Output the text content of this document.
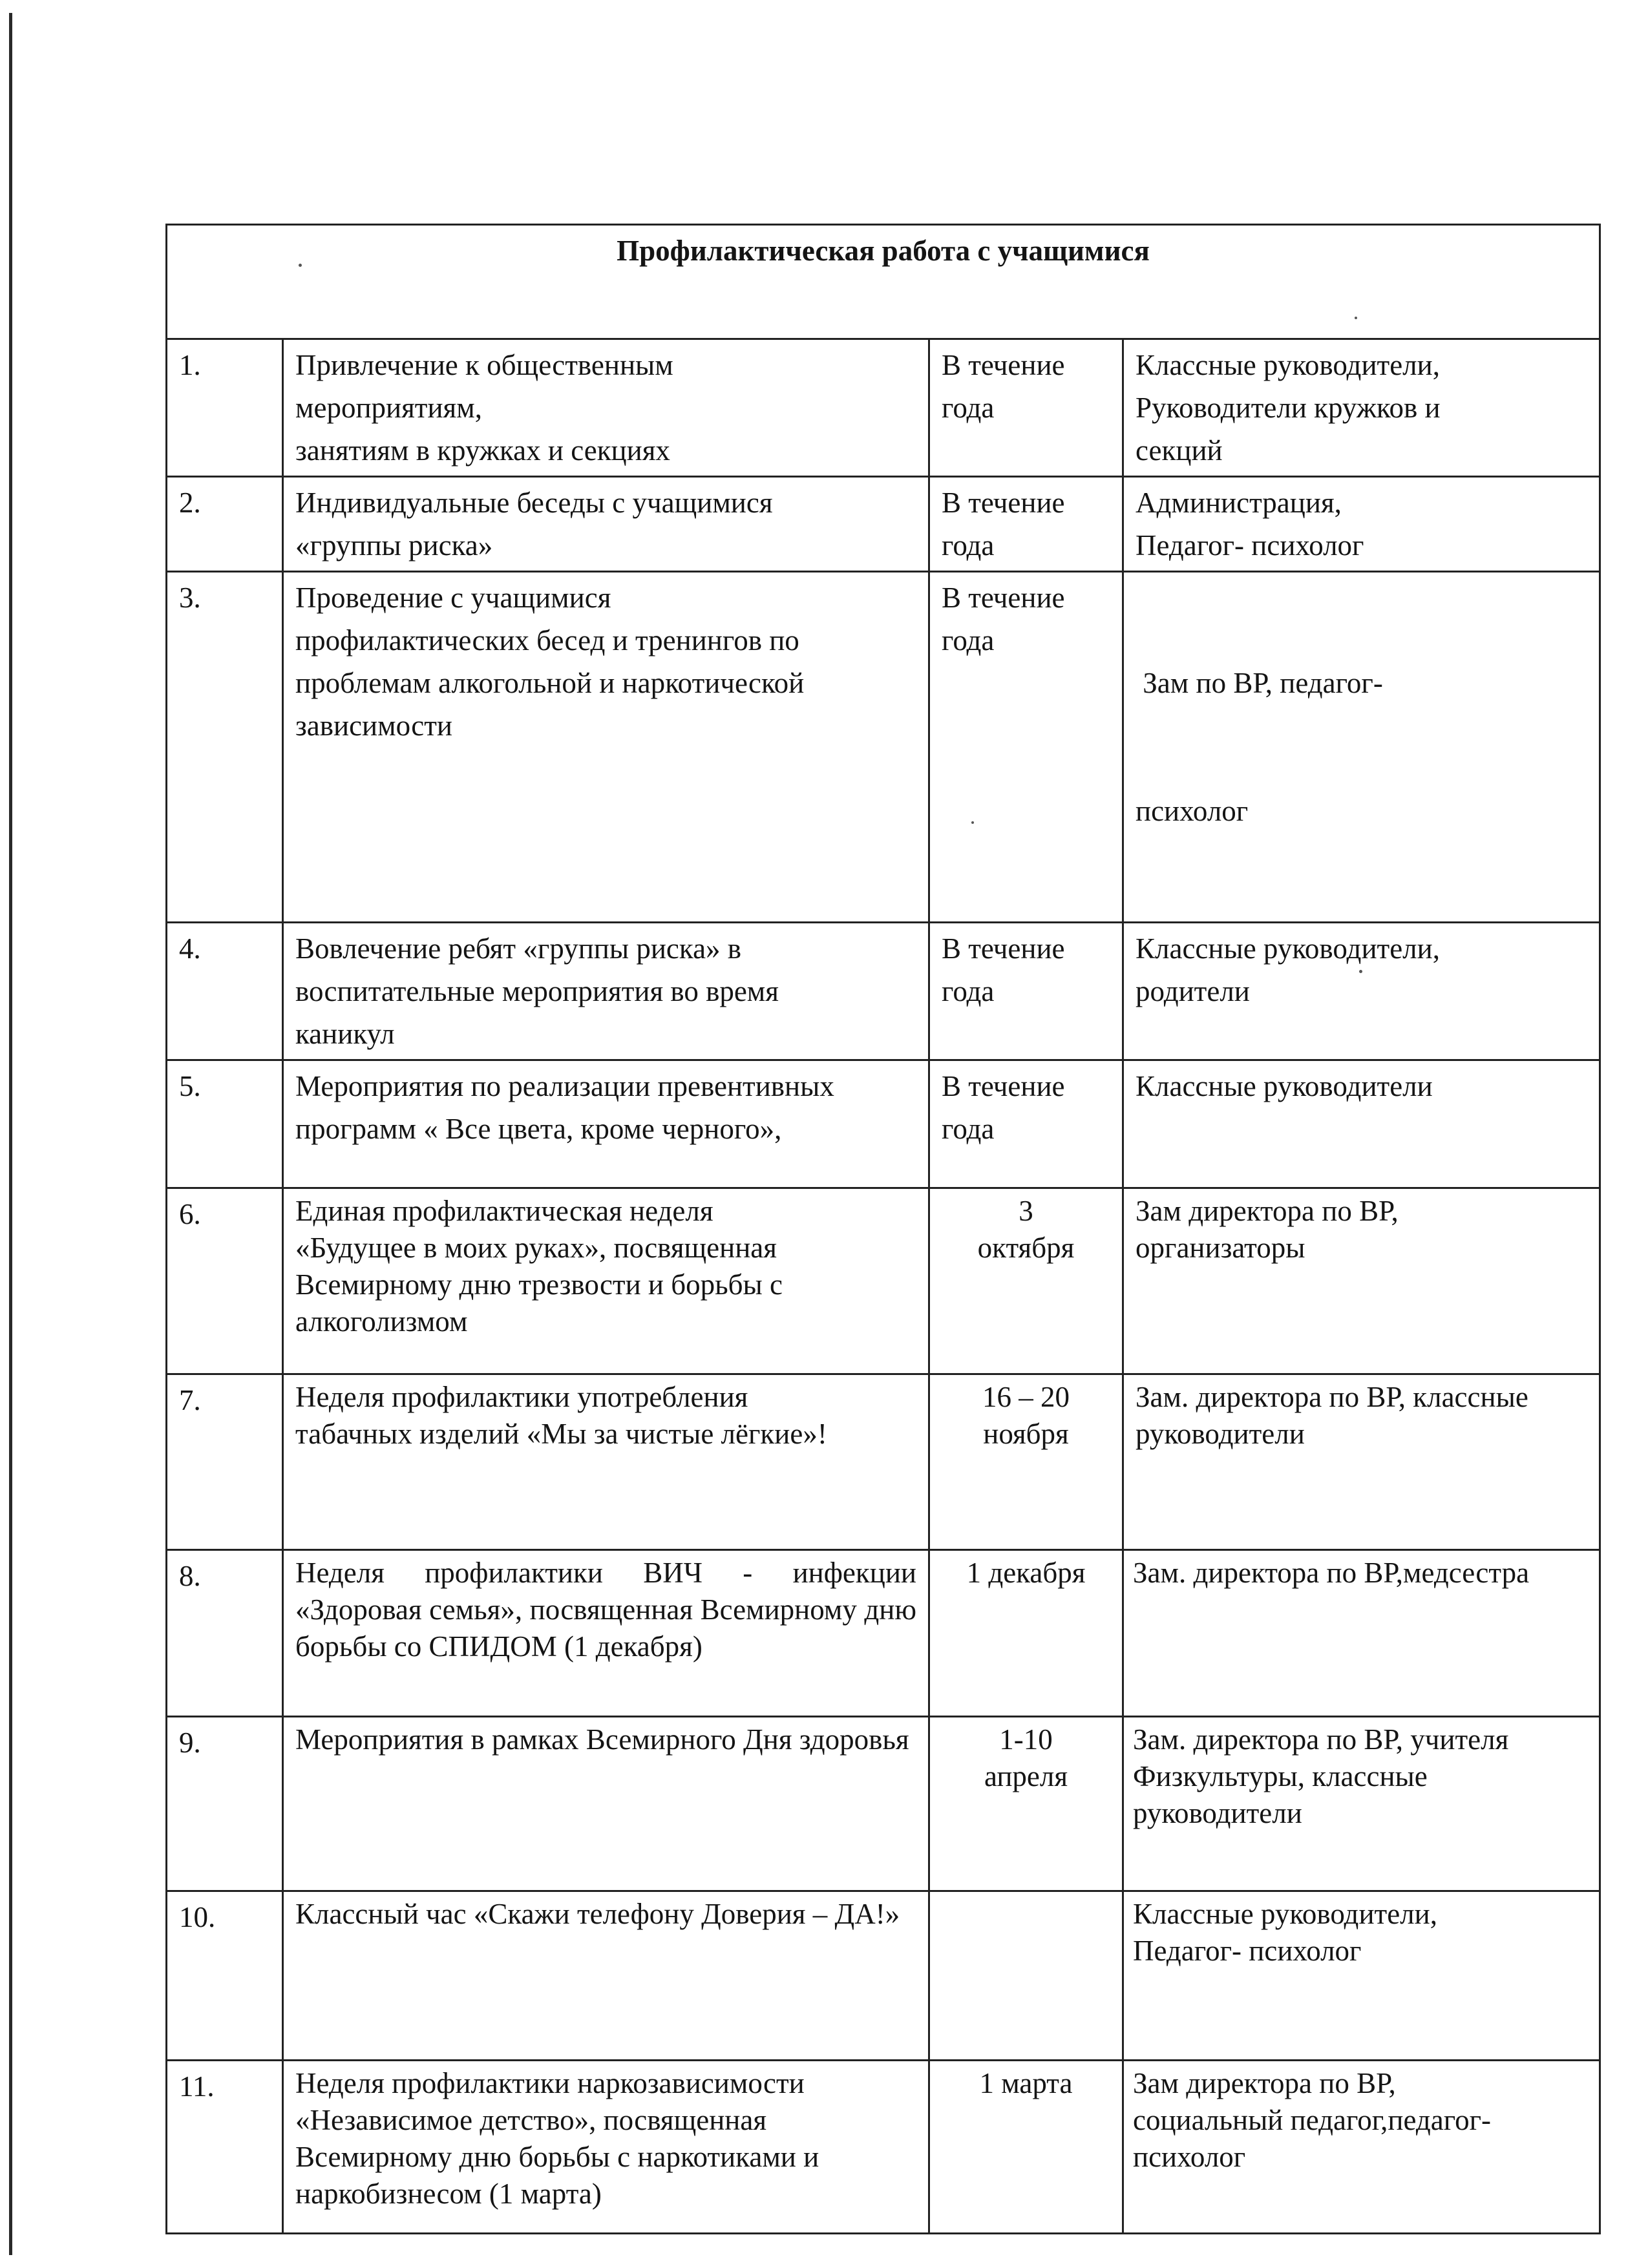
Профилактическая работа с учащимися			
1.	Привлечение к общественным
мероприятиям,
занятиям в кружках и секциях	В течение
года	Классные руководители,
Руководители кружков и
секций

2.	Индивидуальные беседы с учащимися
«группы риска»	В течение
года	Администрация,
Педагог- психолог

3.	Проведение с учащимися
профилактических бесед и тренингов по
проблемам алкогольной и наркотической
зависимости	В течение
года	Зам по ВР, педагог-

психолог

4.	Вовлечение ребят «группы риска» в
воспитательные мероприятия во время
каникул	В течение
года	Классные руководители,
родители

5.	Мероприятия по реализации превентивных
программ « Все цвета, кроме черного»,	В течение
года	Классные руководители

6.	Единая профилактическая неделя
«Будущее в моих руках», посвященная
Всемирному дню трезвости и борьбы с
алкоголизмом	3
октября	Зам директора по ВР,
организаторы

7.	Неделя профилактики употребления
табачных изделий «Мы за чистые лёгкие»!	16 – 20
ноября	Зам. директора по ВР, классные
руководители

8.	Неделя профилактики ВИЧ - инфекции «Здоровая семья», посвященная Всемирному дню борьбы со СПИДОМ (1 декабря)	1 декабря	Зам. директора по ВР,медсестра

9.	Мероприятия в рамках Всемирного Дня здоровья	1-10
апреля	Зам. директора по ВР, учителя
Физкультуры, классные
руководители

10.	Классный час «Скажи телефону Доверия – ДА!»		Классные руководители,
Педагог- психолог

11.	Неделя профилактики наркозависимости
«Независимое детство», посвященная
Всемирному дню борьбы с наркотиками и
наркобизнесом (1 марта)	1 марта	Зам директора по ВР,
социальный педагог,педагог-
психолог
